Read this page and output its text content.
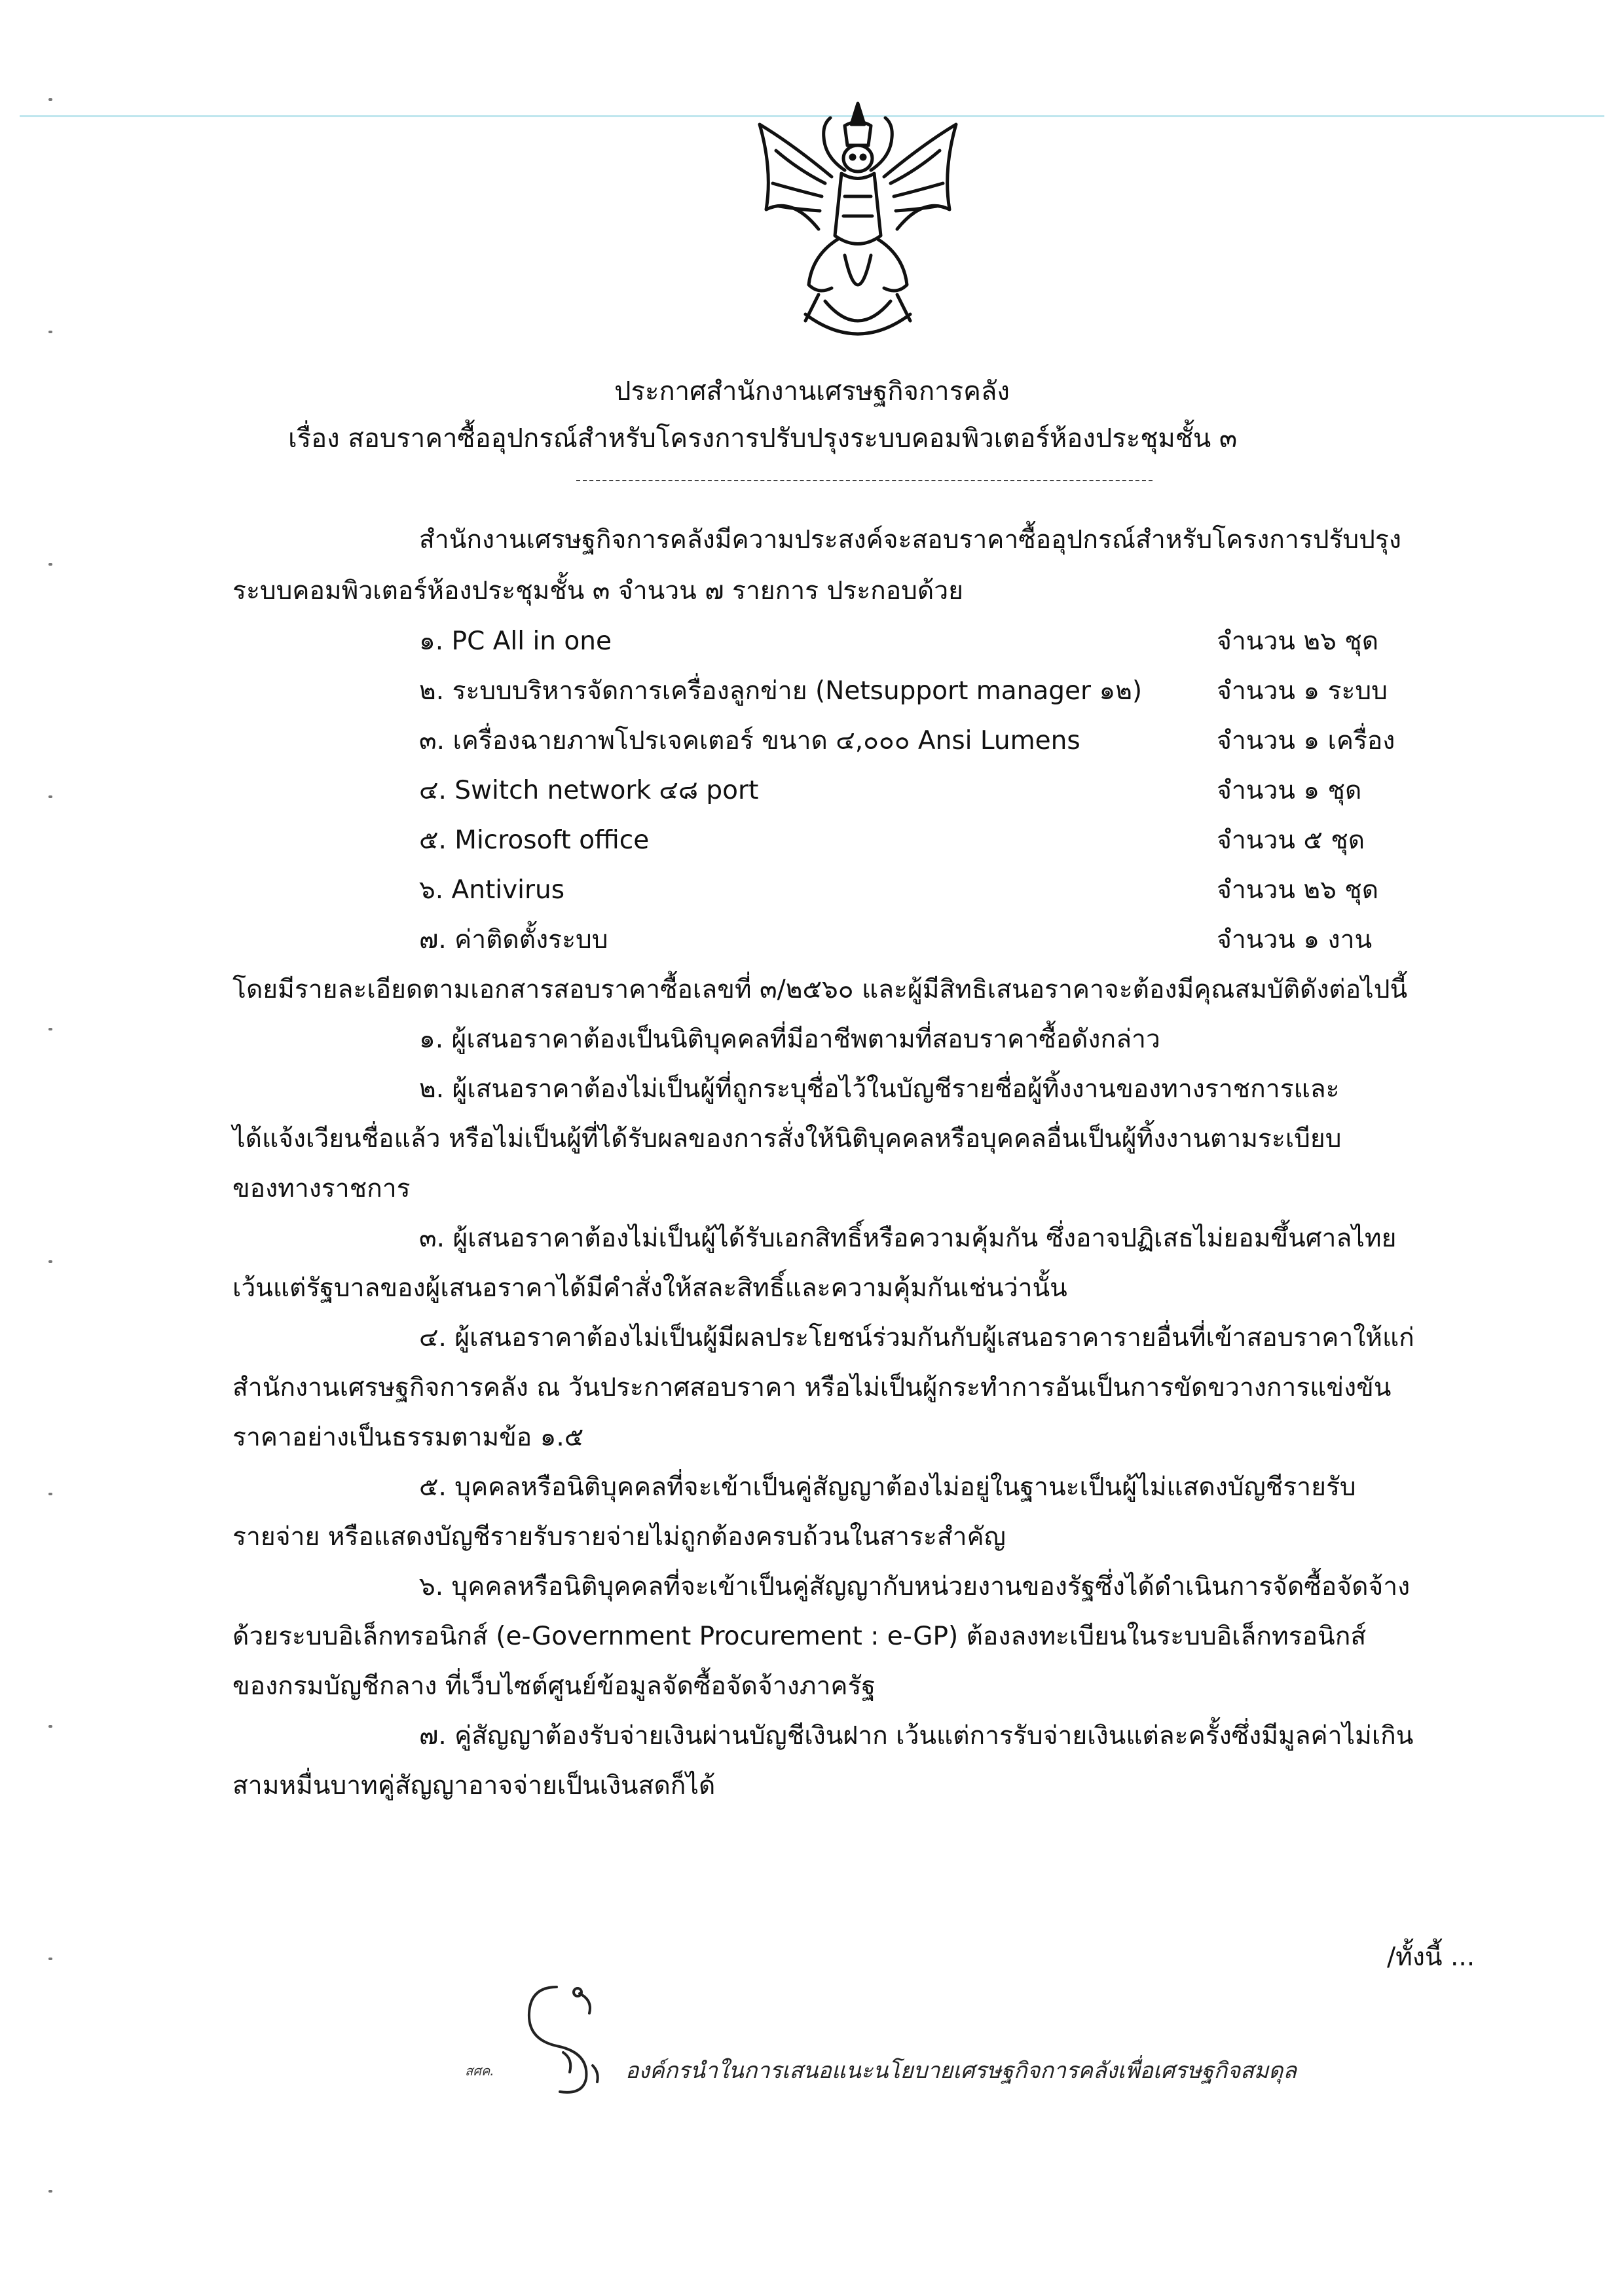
ประกาศสำนักงานเศรษฐกิจการคลัง
เรื่อง สอบราคาซื้ออุปกรณ์สำหรับโครงการปรับปรุงระบบคอมพิวเตอร์ห้องประชุมชั้น ๓
สำนักงานเศรษฐกิจการคลังมีความประสงค์จะสอบราคาซื้ออุปกรณ์สำหรับโครงการปรับปรุง
ระบบคอมพิวเตอร์ห้องประชุมชั้น ๓ จำนวน ๗ รายการ ประกอบด้วย
๑. PC All in one	จำนวน ๒๖ ชุด
๒. ระบบบริหารจัดการเครื่องลูกข่าย (Netsupport manager ๑๒)	จำนวน ๑ ระบบ
๓. เครื่องฉายภาพโปรเจคเตอร์ ขนาด ๔,๐๐๐ Ansi Lumens	จำนวน ๑ เครื่อง
๔. Switch network ๔๘ port	จำนวน ๑ ชุด
๕. Microsoft office	จำนวน ๕ ชุด
๖. Antivirus	จำนวน ๒๖ ชุด
๗. ค่าติดตั้งระบบ	จำนวน ๑ งาน
โดยมีรายละเอียดตามเอกสารสอบราคาซื้อเลขที่ ๓/๒๕๖๐ และผู้มีสิทธิเสนอราคาจะต้องมีคุณสมบัติดังต่อไปนี้
๑. ผู้เสนอราคาต้องเป็นนิติบุคคลที่มีอาชีพตามที่สอบราคาซื้อดังกล่าว
๒. ผู้เสนอราคาต้องไม่เป็นผู้ที่ถูกระบุชื่อไว้ในบัญชีรายชื่อผู้ทิ้งงานของทางราชการและ
ได้แจ้งเวียนชื่อแล้ว หรือไม่เป็นผู้ที่ได้รับผลของการสั่งให้นิติบุคคลหรือบุคคลอื่นเป็นผู้ทิ้งงานตามระเบียบ
ของทางราชการ
๓. ผู้เสนอราคาต้องไม่เป็นผู้ได้รับเอกสิทธิ์หรือความคุ้มกัน ซึ่งอาจปฏิเสธไม่ยอมขึ้นศาลไทย
เว้นแต่รัฐบาลของผู้เสนอราคาได้มีคำสั่งให้สละสิทธิ์และความคุ้มกันเช่นว่านั้น
๔. ผู้เสนอราคาต้องไม่เป็นผู้มีผลประโยชน์ร่วมกันกับผู้เสนอราคารายอื่นที่เข้าสอบราคาให้แก่
สำนักงานเศรษฐกิจการคลัง ณ วันประกาศสอบราคา หรือไม่เป็นผู้กระทำการอันเป็นการขัดขวางการแข่งขัน
ราคาอย่างเป็นธรรมตามข้อ ๑.๕
๕. บุคคลหรือนิติบุคคลที่จะเข้าเป็นคู่สัญญาต้องไม่อยู่ในฐานะเป็นผู้ไม่แสดงบัญชีรายรับ
รายจ่าย หรือแสดงบัญชีรายรับรายจ่ายไม่ถูกต้องครบถ้วนในสาระสำคัญ
๖. บุคคลหรือนิติบุคคลที่จะเข้าเป็นคู่สัญญากับหน่วยงานของรัฐซึ่งได้ดำเนินการจัดซื้อจัดจ้าง
ด้วยระบบอิเล็กทรอนิกส์ (e-Government Procurement : e-GP) ต้องลงทะเบียนในระบบอิเล็กทรอนิกส์
ของกรมบัญชีกลาง ที่เว็บไซต์ศูนย์ข้อมูลจัดซื้อจัดจ้างภาครัฐ
๗. คู่สัญญาต้องรับจ่ายเงินผ่านบัญชีเงินฝาก เว้นแต่การรับจ่ายเงินแต่ละครั้งซึ่งมีมูลค่าไม่เกิน
สามหมื่นบาทคู่สัญญาอาจจ่ายเป็นเงินสดก็ได้
/ทั้งนี้ ...
สศค.	องค์กรนำในการเสนอแนะนโยบายเศรษฐกิจการคลังเพื่อเศรษฐกิจสมดุล
